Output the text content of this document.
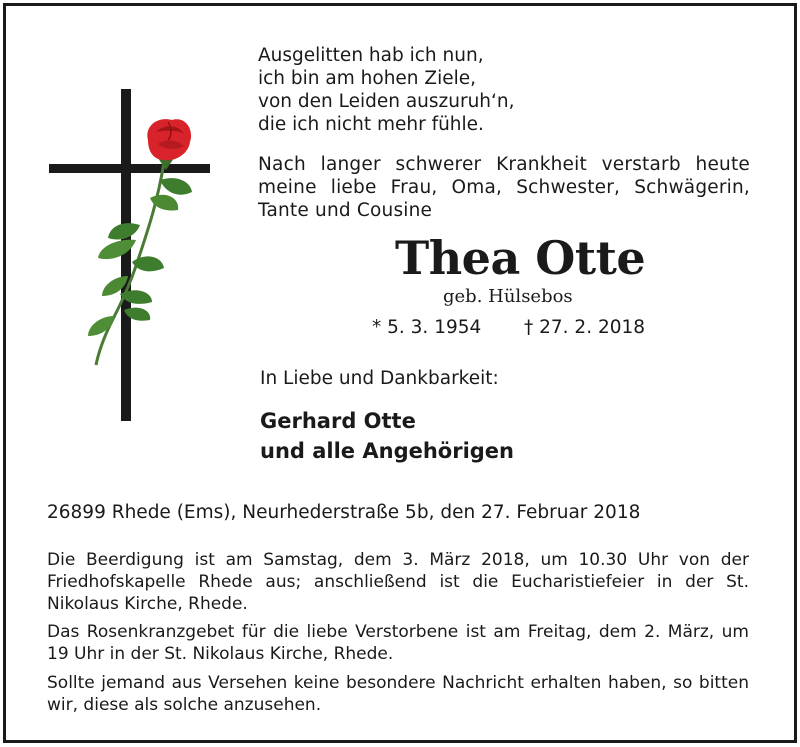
Ausgelitten hab ich nun,
ich bin am hohen Ziele,
von den Leiden auszuruh‘n,
die ich nicht mehr fühle.
Nach langer schwerer Krankheit verstarb heute meine liebe Frau, Oma, Schwester, Schwägerin, Tante und Cousine
Thea Otte
geb. Hülsebos
* 5. 3. 1954 † 27. 2. 2018
In Liebe und Dankbarkeit:
Gerhard Otte
und alle Angehörigen
26899 Rhede (Ems), Neurhederstraße 5b, den 27. Februar 2018
Die Beerdigung ist am Samstag, dem 3. März 2018, um 10.30 Uhr von der Friedhofskapelle Rhede aus; anschließend ist die Eucharistiefeier in der St. Nikolaus Kirche, Rhede.
Das Rosenkranzgebet für die liebe Verstorbene ist am Freitag, dem 2. März, um 19 Uhr in der St. Nikolaus Kirche, Rhede.
Sollte jemand aus Versehen keine besondere Nachricht erhalten haben, so bitten wir, diese als solche anzusehen.
